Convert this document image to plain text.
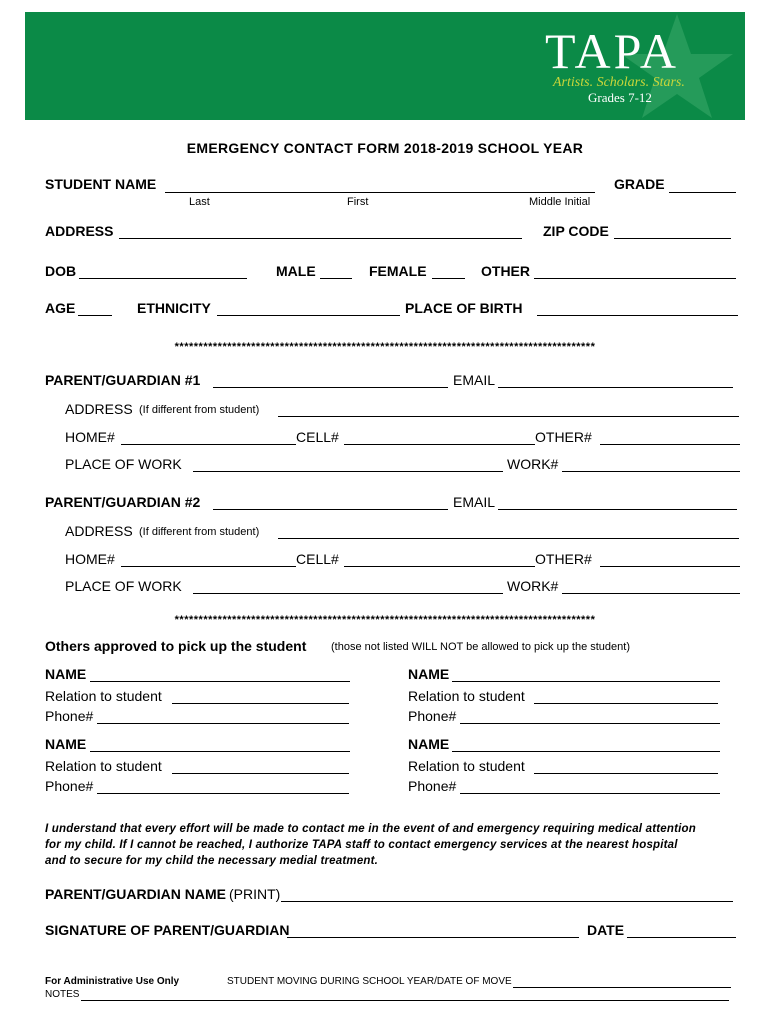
TAPA
Artists. Scholars. Stars.
Grades 7-12
EMERGENCY CONTACT FORM 2018-2019 SCHOOL YEAR
STUDENT NAME	GRADE
Last	First	Middle Initial
ADDRESS	ZIP CODE
DOB	MALE	FEMALE	OTHER
AGE	ETHNICITY	PLACE OF BIRTH
****************************************************************************************
PARENT/GUARDIAN #1	EMAIL
ADDRESS (If different from student)
HOME#	CELL#	OTHER#
PLACE OF WORK	WORK#
PARENT/GUARDIAN #2	EMAIL
ADDRESS (If different from student)
HOME#	CELL#	OTHER#
PLACE OF WORK	WORK#
****************************************************************************************
Others approved to pick up the student (those not listed WILL NOT be allowed to pick up the student)
NAME
Relation to student
Phone#
NAME
Relation to student
Phone#
NAME
Relation to student
Phone#
NAME
Relation to student
Phone#
I understand that every effort will be made to contact me in the event of and emergency requiring medical attention
for my child. If I cannot be reached, I authorize TAPA staff to contact emergency services at the nearest hospital
and to secure for my child the necessary medial treatment.
PARENT/GUARDIAN NAME (PRINT)
SIGNATURE OF PARENT/GUARDIAN	DATE
For Administrative Use Only	STUDENT MOVING DURING SCHOOL YEAR/DATE OF MOVE
NOTES
